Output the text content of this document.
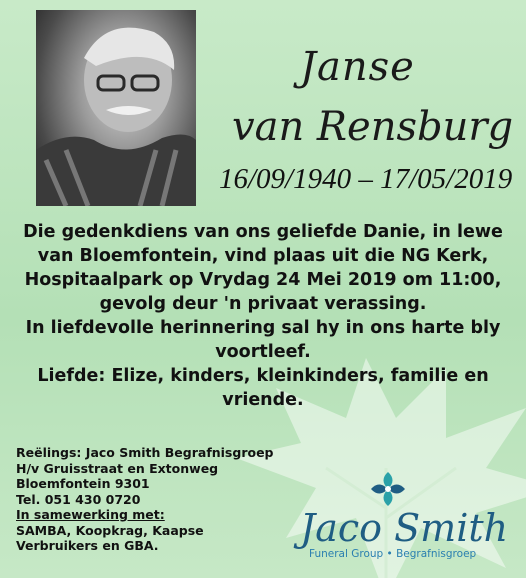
Janse
van Rensburg
16/09/1940 – 17/05/2019

Die gedenkdiens van ons geliefde Danie, in lewe

van Bloemfontein, vind plaas uit die NG Kerk,

Hospitaalpark op Vrydag 24 Mei 2019 om 11:00,

gevolg deur 'n privaat verassing.

In liefdevolle herinnering sal hy in ons harte bly

voortleef.

Liefde: Elize, kinders, kleinkinders, familie en

vriende.

Reëlings: Jaco Smith Begrafnisgroep
H/v Gruisstraat en Extonweg
Bloemfontein 9301
Tel. 051 430 0720
In samewerking met:
SAMBA, Koopkrag, Kaapse
Verbruikers en GBA.	Jaco Smith
Funeral Group • Begrafnisgroep
